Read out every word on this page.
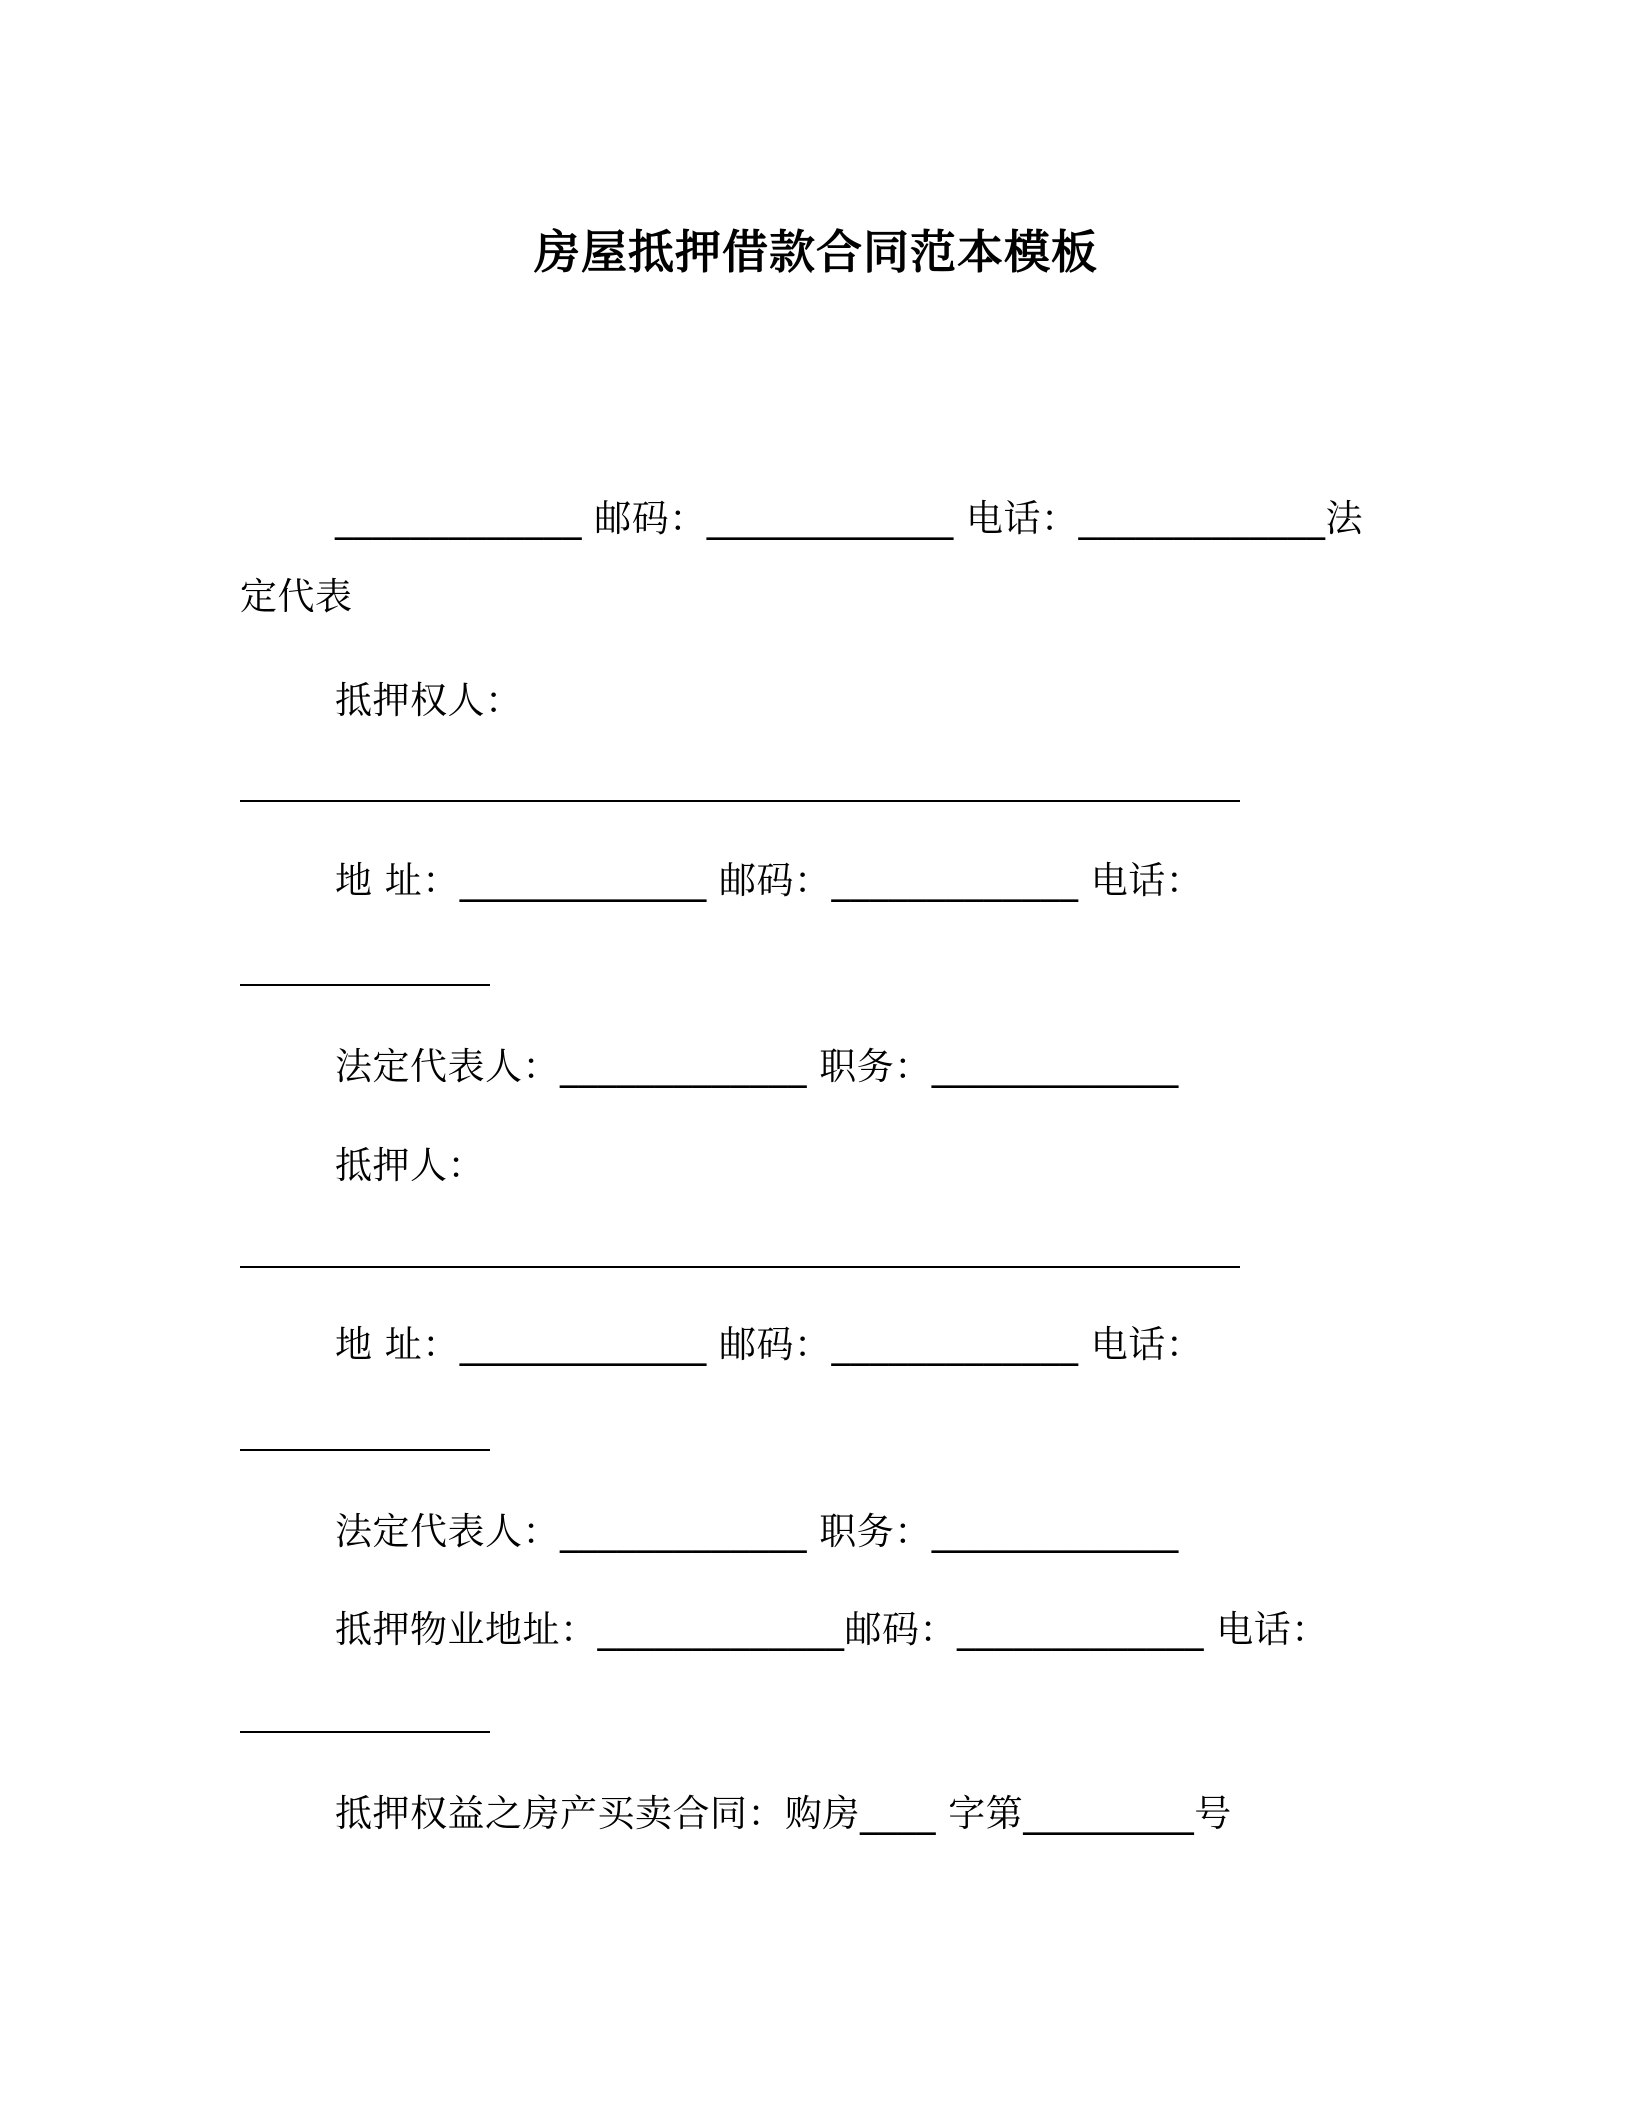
房屋抵押借款合同范本模板
_____________ 邮码：_____________ 电话：_____________法
定代表
抵押权人：
地 址：_____________ 邮码：_____________ 电话：
法定代表人：_____________ 职务：_____________
抵押人：
地 址：_____________ 邮码：_____________ 电话：
法定代表人：_____________ 职务：_____________
抵押物业地址：_____________邮码：_____________ 电话：
抵押权益之房产买卖合同：购房____ 字第_________号
